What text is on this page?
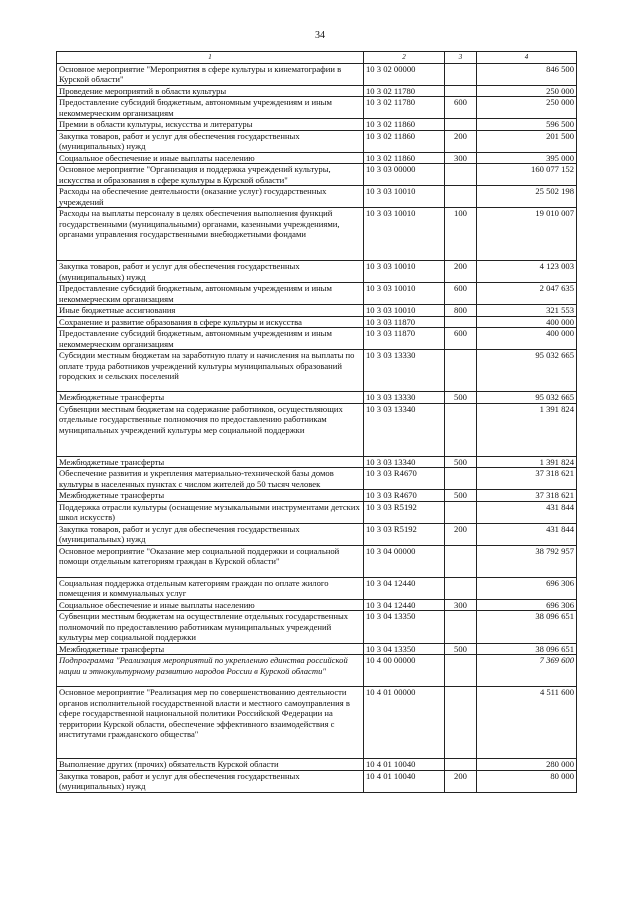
34
1	2	3	4
Основное мероприятие "Мероприятия в сфере культуры и кинематографии в Курской области"	10 3 02 00000		846 500
Проведение мероприятий в области культуры	10 3 02 11780		250 000
Предоставление субсидий бюджетным, автономным учреждениям и иным некоммерческим организациям	10 3 02 11780	600	250 000
Премии в области культуры, искусства и литературы	10 3 02 11860		596 500
Закупка товаров, работ и услуг для обеспечения государственных (муниципальных) нужд	10 3 02 11860	200	201 500
Социальное обеспечение и иные выплаты населению	10 3 02 11860	300	395 000
Основное мероприятие "Организация и поддержка учреждений культуры, искусства и образования в сфере культуры в Курской области"	10 3 03 00000		160 077 152
Расходы на обеспечение деятельности (оказание услуг) государственных учреждений	10 3 03 10010		25 502 198
Расходы на выплаты персоналу в целях обеспечения выполнения функций государственными (муниципальными) органами, казенными учреждениями, органами управления государственными внебюджетными фондами	10 3 03 10010	100	19 010 007
Закупка товаров, работ и услуг для обеспечения государственных (муниципальных) нужд	10 3 03 10010	200	4 123 003
Предоставление субсидий бюджетным, автономным учреждениям и иным некоммерческим организациям	10 3 03 10010	600	2 047 635
Иные бюджетные ассигнования	10 3 03 10010	800	321 553
Сохранение и развитие образования в сфере культуры и искусства	10 3 03 11870		400 000
Предоставление субсидий бюджетным, автономным учреждениям и иным некоммерческим организациям	10 3 03 11870	600	400 000
Субсидии местным бюджетам на заработную плату и начисления на выплаты по оплате труда работников учреждений культуры муниципальных образований городских и сельских поселений	10 3 03 13330		95 032 665
Межбюджетные трансферты	10 3 03 13330	500	95 032 665
Субвенции местным бюджетам на содержание работников, осуществляющих отдельные государственные полномочия по предоставлению работникам муниципальных учреждений культуры мер социальной поддержки	10 3 03 13340		1 391 824
Межбюджетные трансферты	10 3 03 13340	500	1 391 824
Обеспечение развития и укрепления материально-технической базы домов культуры в населенных пунктах с числом жителей до 50 тысяч человек	10 3 03 R4670		37 318 621
Межбюджетные трансферты	10 3 03 R4670	500	37 318 621
Поддержка отрасли культуры (оснащение музыкальными инструментами детских школ искусств)	10 3 03 R5192		431 844
Закупка товаров, работ и услуг для обеспечения государственных (муниципальных) нужд	10 3 03 R5192	200	431 844
Основное мероприятие "Оказание мер социальной поддержки и социальной помощи отдельным категориям граждан в Курской области"	10 3 04 00000		38 792 957
Социальная поддержка отдельным категориям граждан по оплате жилого помещения и коммунальных услуг	10 3 04 12440		696 306
Социальное обеспечение и иные выплаты населению	10 3 04 12440	300	696 306
Субвенции местным бюджетам на осуществление отдельных государственных полномочий по предоставлению работникам муниципальных учреждений культуры мер социальной поддержки	10 3 04 13350		38 096 651
Межбюджетные трансферты	10 3 04 13350	500	38 096 651
Подпрограмма "Реализация мероприятий по укреплению единства российской нации и этнокультурному развитию народов России в Курской области"	10 4 00 00000		7 369 600
Основное мероприятие "Реализация мер по совершенствованию деятельности органов исполнительной государственной власти и местного самоуправления в сфере государственной национальной политики Российской Федерации на территории Курской области, обеспечение эффективного взаимодействия с институтами гражданского общества"	10 4 01 00000		4 511 600
Выполнение других (прочих) обязательств Курской области	10 4 01 10040		280 000
Закупка товаров, работ и услуг для обеспечения государственных (муниципальных) нужд	10 4 01 10040	200	80 000
